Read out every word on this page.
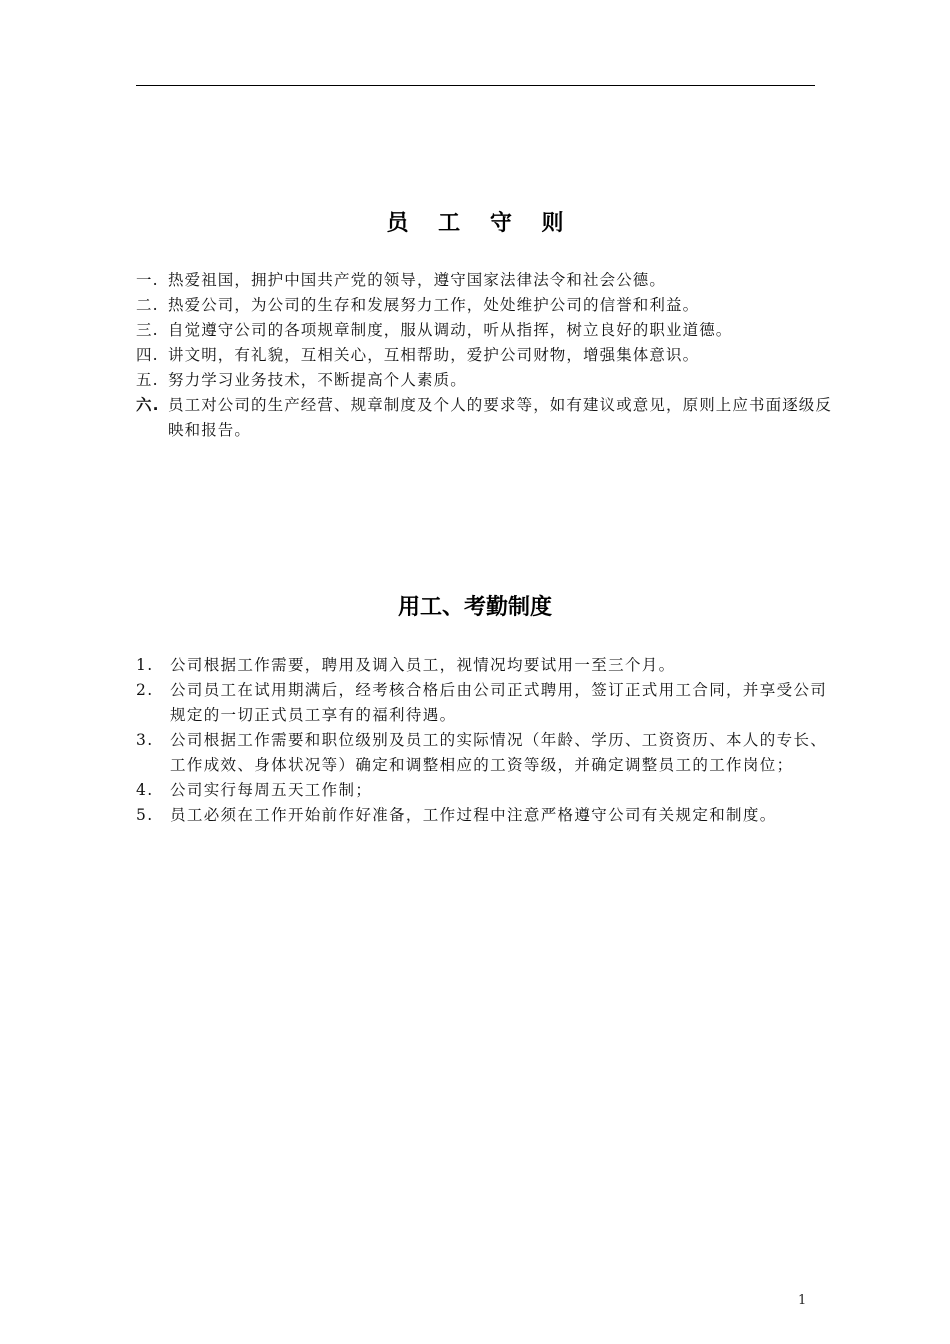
员 工 守 则
一. 热爱祖国，拥护中国共产党的领导，遵守国家法律法令和社会公德。
二. 热爱公司，为公司的生存和发展努力工作，处处维护公司的信誉和利益。
三. 自觉遵守公司的各项规章制度，服从调动，听从指挥，树立良好的职业道德。
四. 讲文明，有礼貌，互相关心，互相帮助，爱护公司财物，增强集体意识。
五. 努力学习业务技术，不断提高个人素质。
六. 员工对公司的生产经营、规章制度及个人的要求等，如有建议或意见，原则上应书面逐级反映和报告。
用工、考勤制度
1.	公司根据工作需要，聘用及调入员工，视情况均要试用一至三个月。
2.	公司员工在试用期满后，经考核合格后由公司正式聘用，签订正式用工合同，并享受公司规定的一切正式员工享有的福利待遇。
3.	公司根据工作需要和职位级别及员工的实际情况（年龄、学历、工资资历、本人的专长、工作成效、身体状况等）确定和调整相应的工资等级，并确定调整员工的工作岗位；
4.	公司实行每周五天工作制；
5.	员工必须在工作开始前作好准备，工作过程中注意严格遵守公司有关规定和制度。
1
